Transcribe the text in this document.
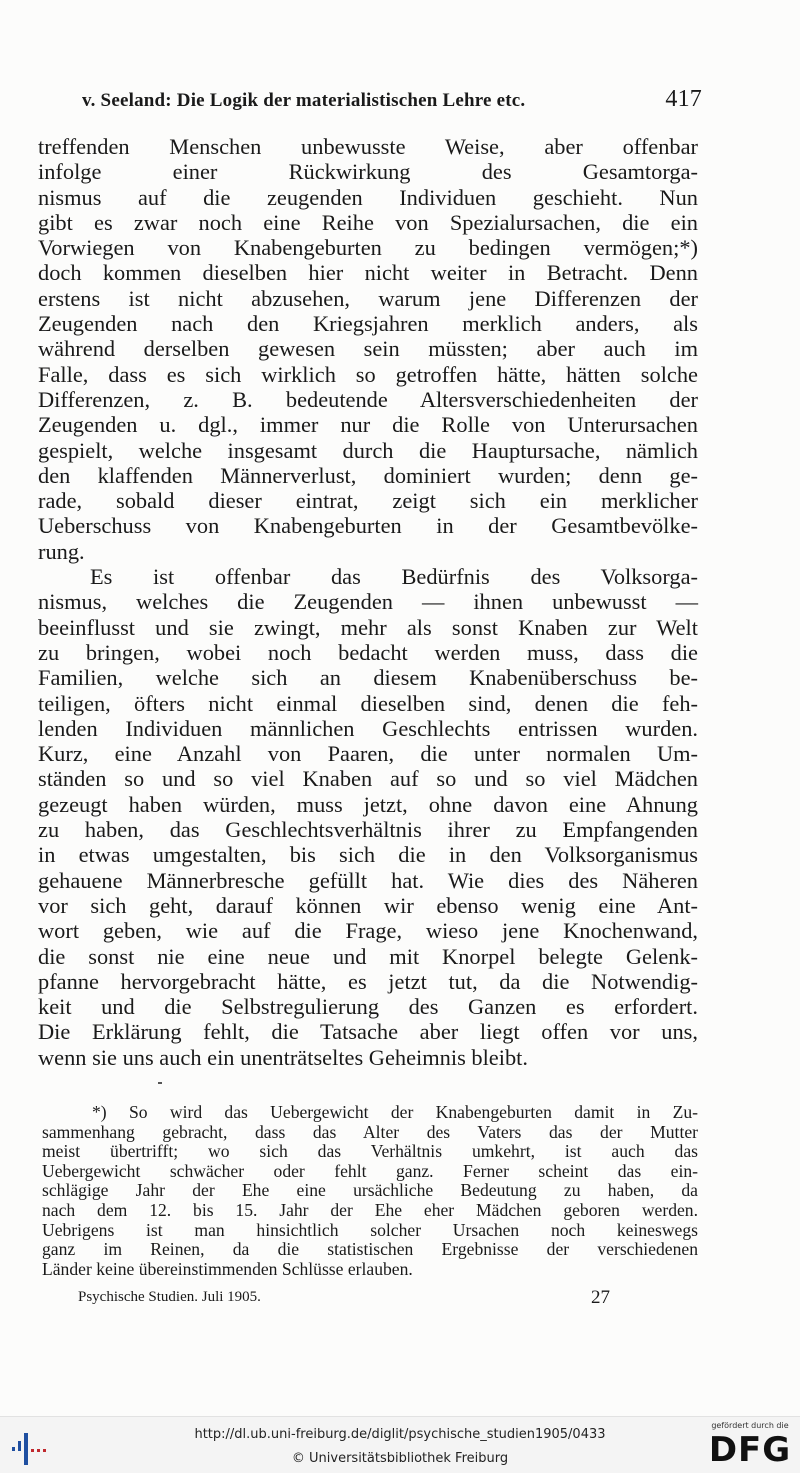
v. Seeland: Die Logik der materialistischen Lehre etc.	417
treffenden Menschen unbewusste Weise, aber offenbar
infolge einer Rückwirkung des Gesamtorga-
nismus auf die zeugenden Individuen geschieht. Nun
gibt es zwar noch eine Reihe von Spezialursachen, die ein
Vorwiegen von Knabengeburten zu bedingen vermögen;*)
doch kommen dieselben hier nicht weiter in Betracht. Denn
erstens ist nicht abzusehen, warum jene Differenzen der
Zeugenden nach den Kriegsjahren merklich anders, als
während derselben gewesen sein müssten; aber auch im
Falle, dass es sich wirklich so getroffen hätte, hätten solche
Differenzen, z. B. bedeutende Altersverschiedenheiten der
Zeugenden u. dgl., immer nur die Rolle von Unterursachen
gespielt, welche insgesamt durch die Hauptursache, nämlich
den klaffenden Männerverlust, dominiert wurden; denn ge-
rade, sobald dieser eintrat, zeigt sich ein merklicher
Ueberschuss von Knabengeburten in der Gesamtbevölke-
rung.
Es ist offenbar das Bedürfnis des Volksorga-
nismus, welches die Zeugenden — ihnen unbewusst —
beeinflusst und sie zwingt, mehr als sonst Knaben zur Welt
zu bringen, wobei noch bedacht werden muss, dass die
Familien, welche sich an diesem Knabenüberschuss be-
teiligen, öfters nicht einmal dieselben sind, denen die feh-
lenden Individuen männlichen Geschlechts entrissen wurden.
Kurz, eine Anzahl von Paaren, die unter normalen Um-
ständen so und so viel Knaben auf so und so viel Mädchen
gezeugt haben würden, muss jetzt, ohne davon eine Ahnung
zu haben, das Geschlechtsverhältnis ihrer zu Empfangenden
in etwas umgestalten, bis sich die in den Volksorganismus
gehauene Männerbresche gefüllt hat. Wie dies des Näheren
vor sich geht, darauf können wir ebenso wenig eine Ant-
wort geben, wie auf die Frage, wieso jene Knochenwand,
die sonst nie eine neue und mit Knorpel belegte Gelenk-
pfanne hervorgebracht hätte, es jetzt tut, da die Notwendig-
keit und die Selbstregulierung des Ganzen es erfordert.
Die Erklärung fehlt, die Tatsache aber liegt offen vor uns,
wenn sie uns auch ein unenträtseltes Geheimnis bleibt.
*) So wird das Uebergewicht der Knabengeburten damit in Zu-
sammenhang gebracht, dass das Alter des Vaters das der Mutter
meist übertrifft; wo sich das Verhältnis umkehrt, ist auch das
Uebergewicht schwächer oder fehlt ganz. Ferner scheint das ein-
schlägige Jahr der Ehe eine ursächliche Bedeutung zu haben, da
nach dem 12. bis 15. Jahr der Ehe eher Mädchen geboren werden.
Uebrigens ist man hinsichtlich solcher Ursachen noch keineswegs
ganz im Reinen, da die statistischen Ergebnisse der verschiedenen
Länder keine übereinstimmenden Schlüsse erlauben.
Psychische Studien. Juli 1905.	27
http://dl.ub.uni-freiburg.de/diglit/psychische_studien1905/0433
© Universitätsbibliothek Freiburg
gefördert durch die
DFG
